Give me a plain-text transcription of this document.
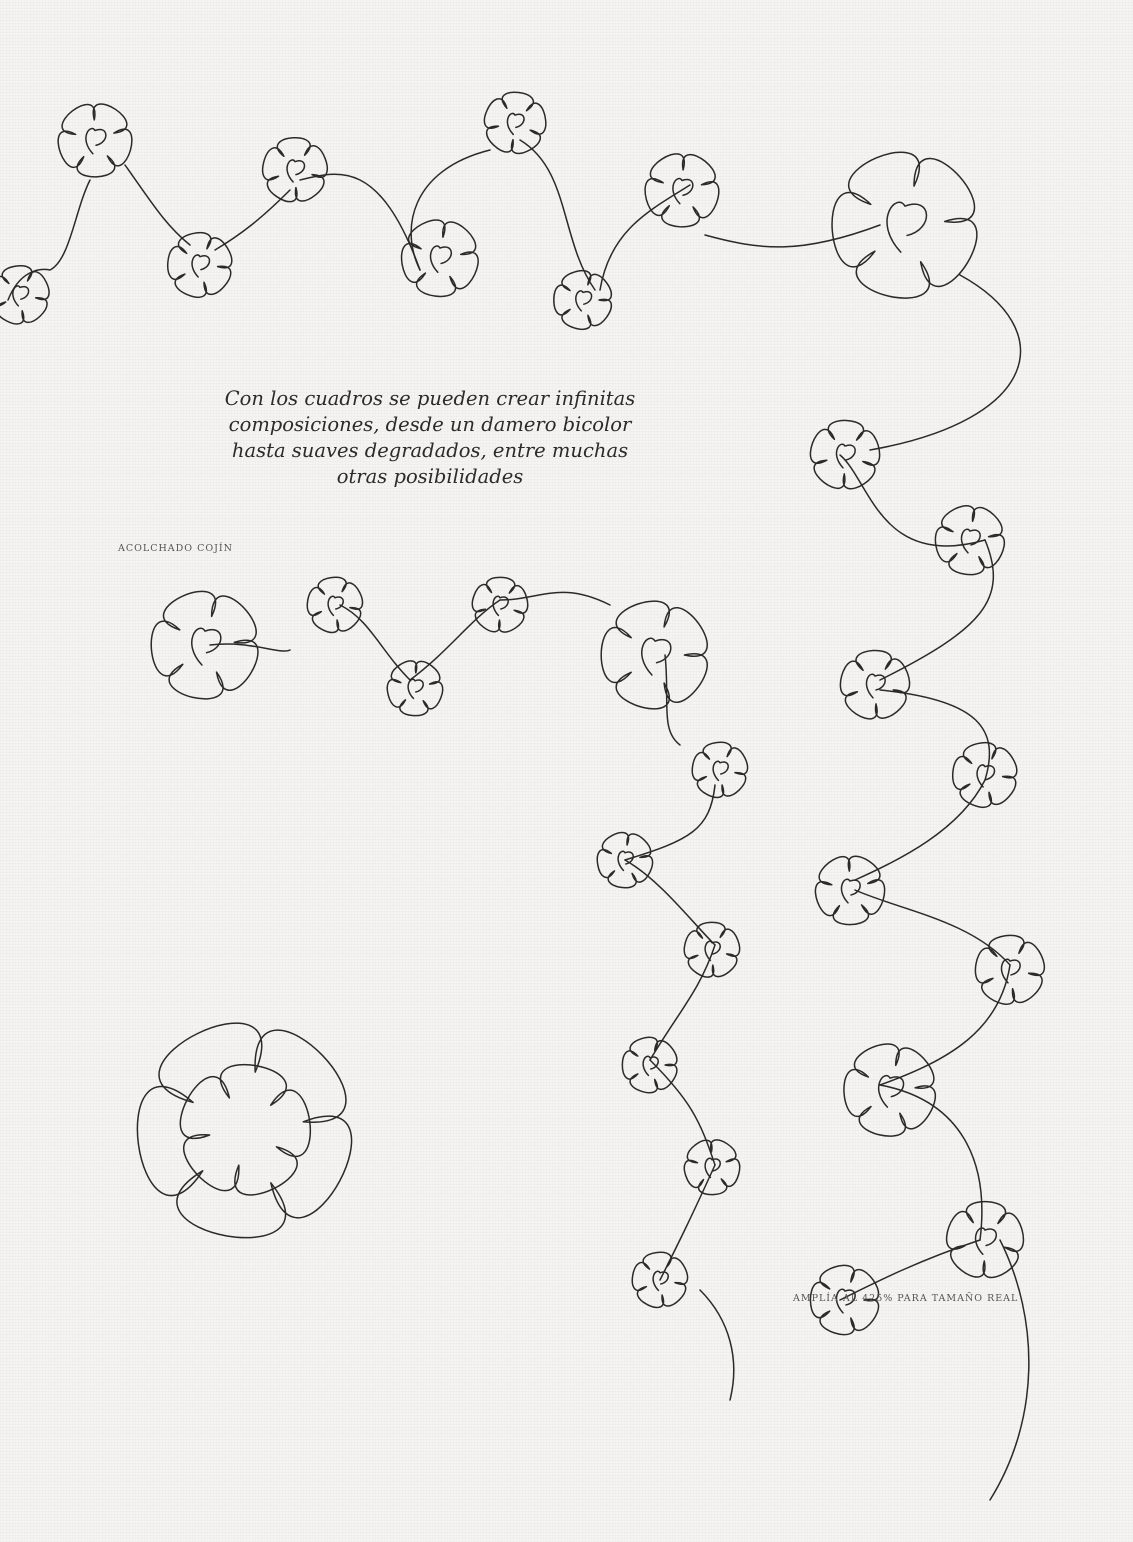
Con los cuadros se pueden crear infinitas
composiciones, desde un damero bicolor
hasta suaves degradados, entre muchas
otras posibilidades
ACOLCHADO COJÍN
AMPLÍA AL 425% PARA TAMAÑO REAL
